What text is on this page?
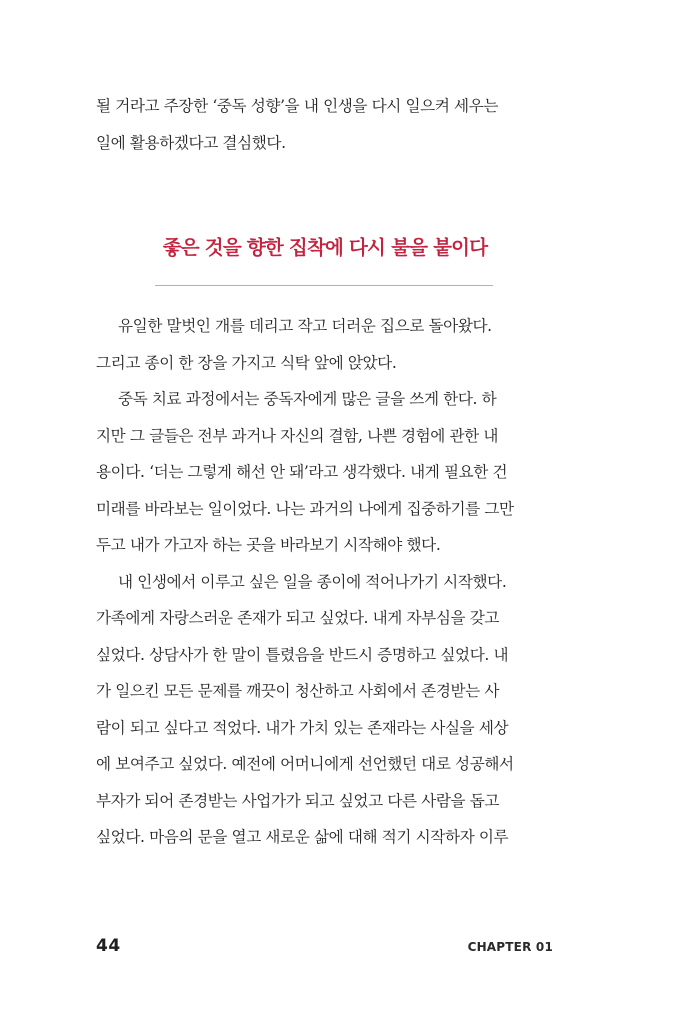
될 거라고 주장한 ‘중독 성향’을 내 인생을 다시 일으켜 세우는
일에 활용하겠다고 결심했다.
좋은 것을 향한 집착에 다시 불을 붙이다
유일한 말벗인 개를 데리고 작고 더러운 집으로 돌아왔다.
그리고 종이 한 장을 가지고 식탁 앞에 앉았다.
중독 치료 과정에서는 중독자에게 많은 글을 쓰게 한다. 하
지만 그 글들은 전부 과거나 자신의 결함, 나쁜 경험에 관한 내
용이다. ‘더는 그렇게 해선 안 돼’라고 생각했다. 내게 필요한 건
미래를 바라보는 일이었다. 나는 과거의 나에게 집중하기를 그만
두고 내가 가고자 하는 곳을 바라보기 시작해야 했다.
내 인생에서 이루고 싶은 일을 종이에 적어나가기 시작했다.
가족에게 자랑스러운 존재가 되고 싶었다. 내게 자부심을 갖고
싶었다. 상담사가 한 말이 틀렸음을 반드시 증명하고 싶었다. 내
가 일으킨 모든 문제를 깨끗이 청산하고 사회에서 존경받는 사
람이 되고 싶다고 적었다. 내가 가치 있는 존재라는 사실을 세상
에 보여주고 싶었다. 예전에 어머니에게 선언했던 대로 성공해서
부자가 되어 존경받는 사업가가 되고 싶었고 다른 사람을 돕고
싶었다. 마음의 문을 열고 새로운 삶에 대해 적기 시작하자 이루
44	CHAPTER 01
